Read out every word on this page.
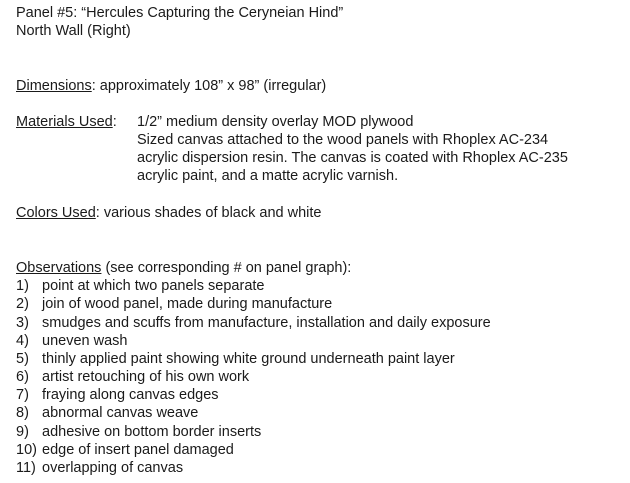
Panel #5: “Hercules Capturing the Ceryneian Hind”
North Wall (Right)
Dimensions: approximately 108” x 98” (irregular)
Materials Used: 1/2” medium density overlay MOD plywood
Sized canvas attached to the wood panels with Rhoplex AC-234
acrylic dispersion resin. The canvas is coated with Rhoplex AC-235
acrylic paint, and a matte acrylic varnish.
Colors Used: various shades of black and white
Observations (see corresponding # on panel graph):
1) point at which two panels separate
2) join of wood panel, made during manufacture
3) smudges and scuffs from manufacture, installation and daily exposure
4) uneven wash
5) thinly applied paint showing white ground underneath paint layer
6) artist retouching of his own work
7) fraying along canvas edges
8) abnormal canvas weave
9) adhesive on bottom border inserts
10) edge of insert panel damaged
11) overlapping of canvas
